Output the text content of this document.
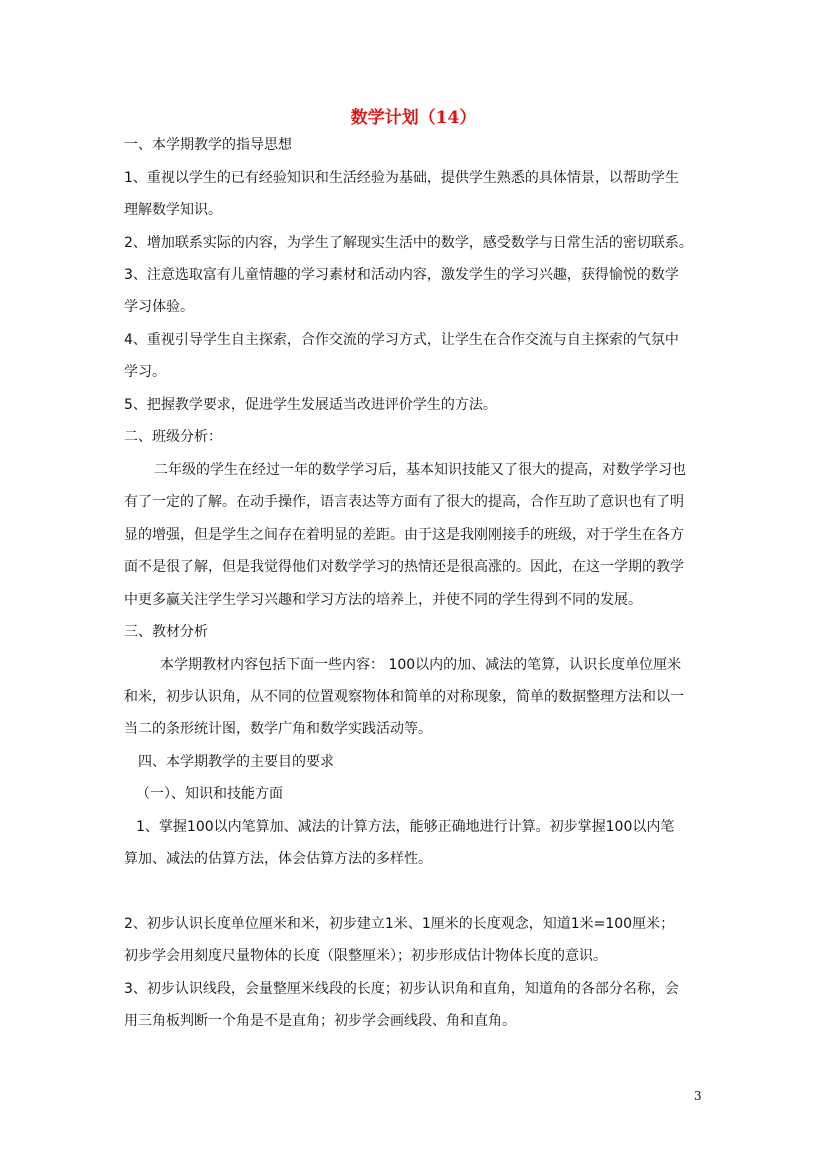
数学计划（14）
一、本学期教学的指导思想
1、重视以学生的已有经验知识和生活经验为基础，提供学生熟悉的具体情景，以帮助学生
理解数学知识。
2、增加联系实际的内容，为学生了解现实生活中的数学，感受数学与日常生活的密切联系。
3、注意选取富有儿童情趣的学习素材和活动内容，激发学生的学习兴趣，获得愉悦的数学
学习体验。
4、重视引导学生自主探索，合作交流的学习方式，让学生在合作交流与自主探索的气氛中
学习。
5、把握教学要求，促进学生发展适当改进评价学生的方法。
二、班级分析：
二年级的学生在经过一年的数学学习后，基本知识技能又了很大的提高，对数学学习也
有了一定的了解。在动手操作，语言表达等方面有了很大的提高，合作互助了意识也有了明
显的增强，但是学生之间存在着明显的差距。由于这是我刚刚接手的班级，对于学生在各方
面不是很了解，但是我觉得他们对数学学习的热情还是很高涨的。因此，在这一学期的教学
中更多赢关注学生学习兴趣和学习方法的培养上，并使不同的学生得到不同的发展。
三、教材分析
本学期教材内容包括下面一些内容： 100以内的加、减法的笔算，认识长度单位厘米
和米，初步认识角，从不同的位置观察物体和简单的对称现象，简单的数据整理方法和以一
当二的条形统计图，数学广角和数学实践活动等。
四、本学期教学的主要目的要求
（一）、知识和技能方面
1、掌握100以内笔算加、减法的计算方法，能够正确地进行计算。初步掌握100以内笔
算加、减法的估算方法，体会估算方法的多样性。
2、初步认识长度单位厘米和米，初步建立1米、1厘米的长度观念，知道1米=100厘米；
初步学会用刻度尺量物体的长度（限整厘米）；初步形成估计物体长度的意识。
3、初步认识线段，会量整厘米线段的长度；初步认识角和直角，知道角的各部分名称，会
用三角板判断一个角是不是直角；初步学会画线段、角和直角。
3
